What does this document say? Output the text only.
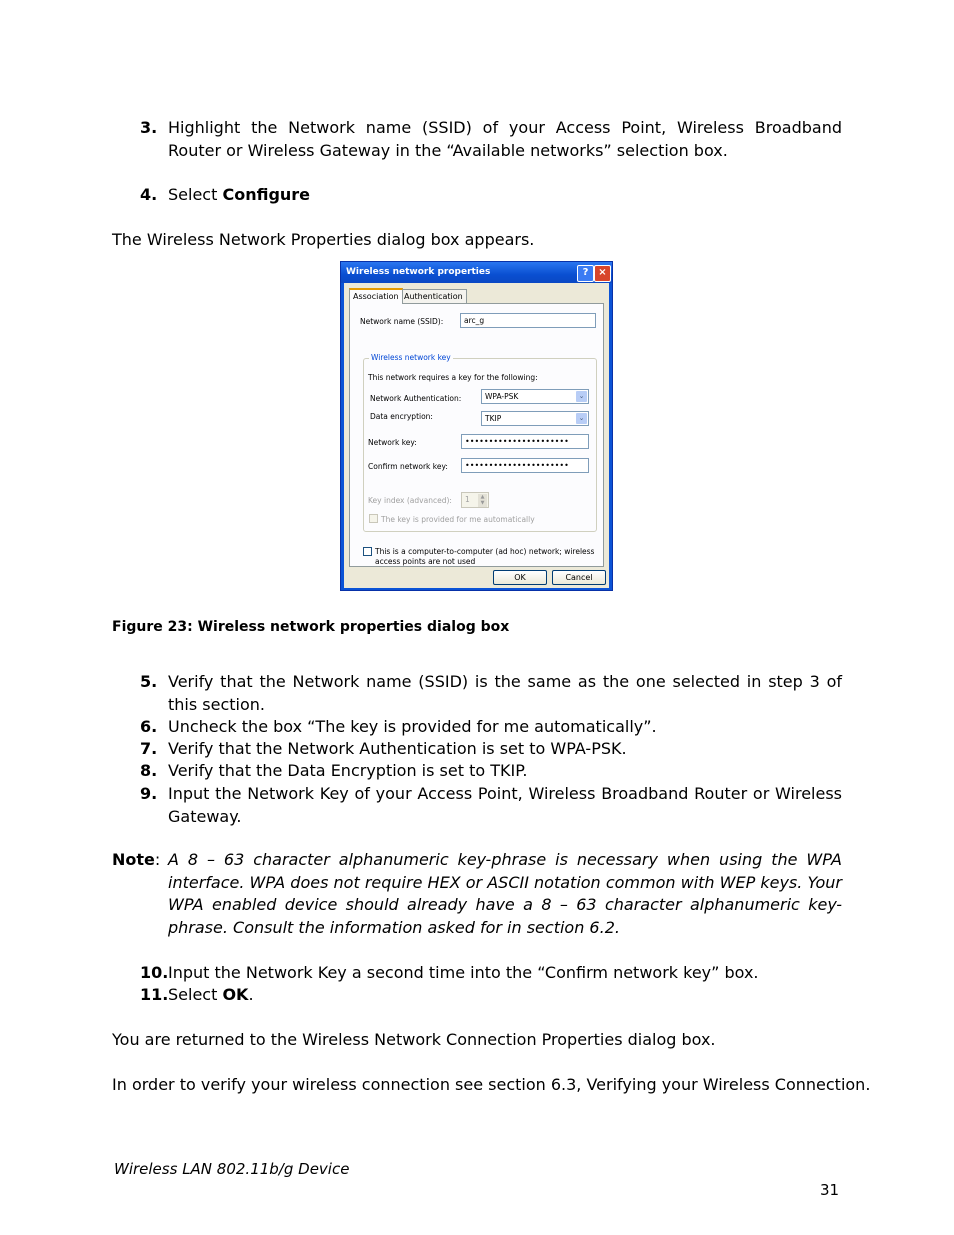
3. Highlight the Network name (SSID) of your Access Point, Wireless Broadband Router or Wireless Gateway in the “Available networks” selection box.
4. Select Configure
The Wireless Network Properties dialog box appears.
Wireless network properties	? ×
Association Authentication
Network name (SSID):	arc_g
Wireless network key
This network requires a key for the following:
Network Authentication:	WPA-PSK	⌄
Data encryption:	TKIP	⌄
Network key:	••••••••••••••••••••••
Confirm network key:	••••••••••••••••••••••
Key index (advanced):	1	▲
▼
The key is provided for me automatically
This is a computer-to-computer (ad hoc) network; wireless
access points are not used
OK	Cancel
Figure 23: Wireless network properties dialog box
5. Verify that the Network name (SSID) is the same as the one selected in step 3 of this section.
6. Uncheck the box “The key is provided for me automatically”.
7. Verify that the Network Authentication is set to WPA-PSK.
8. Verify that the Data Encryption is set to TKIP.
9. Input the Network Key of your Access Point, Wireless Broadband Router or Wireless Gateway.
Note: A 8 – 63 character alphanumeric key-phrase is necessary when using the WPA interface. WPA does not require HEX or ASCII notation common with WEP keys. Your WPA enabled device should already have a 8 – 63 character alphanumeric key-phrase. Consult the information asked for in section 6.2.
10. Input the Network Key a second time into the “Confirm network key” box.
11. Select OK.
You are returned to the Wireless Network Connection Properties dialog box.
In order to verify your wireless connection see section 6.3, Verifying your Wireless Connection.
Wireless LAN 802.11b/g Device
31
